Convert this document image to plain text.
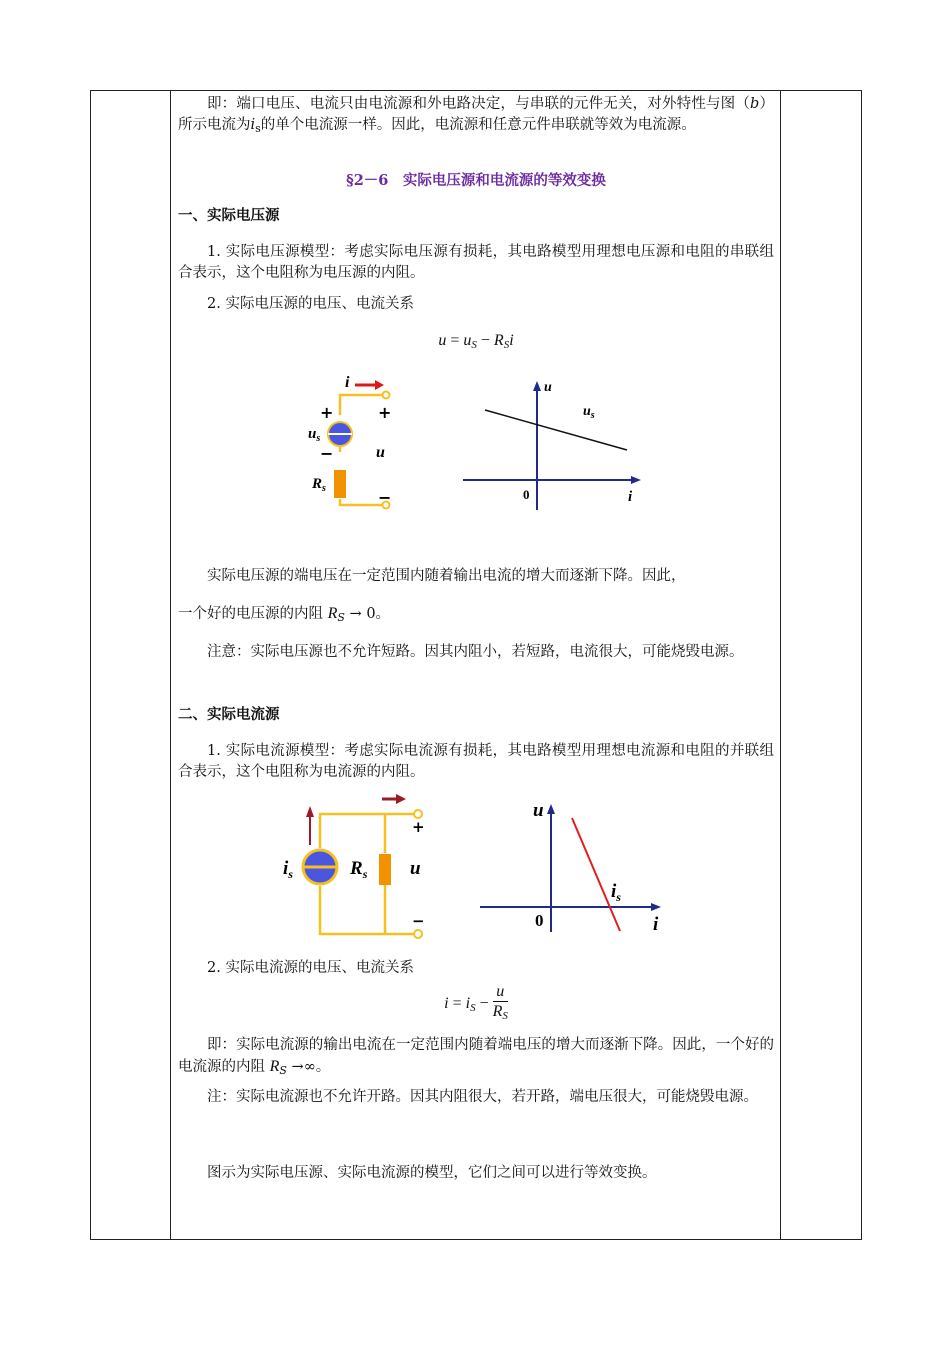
即：端口电压、电流只由电流源和外电路决定，与串联的元件无关，对外特性与图（b）所示电流为$i_s$的单个电流源一样。因此，电流源和任意元件串联就等效为电流源。

§2－6　实际电压源和电流源的等效变换

一、实际电压源

1. 实际电压源模型：考虑实际电压源有损耗，其电路模型用理想电压源和电阻的串联组合表示，这个电阻称为电压源的内阻。

2. 实际电压源的电压、电流关系

$u = u_S - R_Si$

i
+
−
+
−
$u_s$
u
$R_s$
u
i
0
$u_s$

实际电压源的端电压在一定范围内随着输出电流的增大而逐渐下降。因此，

一个好的电压源的内阻 $R_S \to 0$。

注意：实际电压源也不允许短路。因其内阻小，若短路，电流很大，可能烧毁电源。

二、实际电流源

1. 实际电流源模型：考虑实际电流源有损耗，其电路模型用理想电流源和电阻的并联组合表示，这个电阻称为电流源的内阻。

+
−
$i_s$	$R_s$ u
u
i
0
$i_s$

2. 实际电流源的电压、电流关系

$i = i_S - \frac{u}{R_S}$

即：实际电流源的输出电流在一定范围内随着端电压的增大而逐渐下降。因此，一个好的电流源的内阻 $R_S$ →∞。

注：实际电流源也不允许开路。因其内阻很大，若开路，端电压很大，可能烧毁电源。

图示为实际电压源、实际电流源的模型，它们之间可以进行等效变换。
